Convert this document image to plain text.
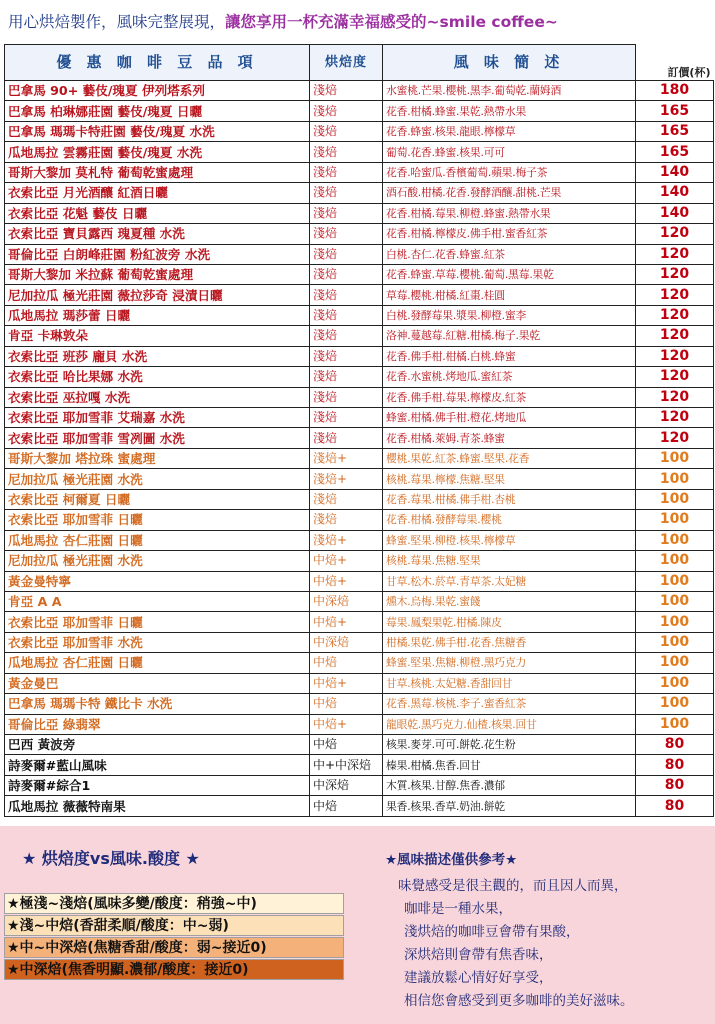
用心烘焙製作，風味完整展現，讓您享用一杯充滿幸福感受的~smile coffee~
優 惠 咖 啡 豆 品 項	烘焙度	風 味 簡 述	訂價(杯)
巴拿馬 90+ 藝伎/瑰夏 伊列塔系列	淺焙	水蜜桃.芒果.櫻桃.黑李.葡萄乾.蘭姆酒	180
巴拿馬 柏琳娜莊園 藝伎/瑰夏 日曬	淺焙	花香.柑橘.蜂蜜.果乾.熱帶水果	165
巴拿馬 瑪瑪卡特莊園 藝伎/瑰夏 水洗	淺焙	花香.蜂蜜.核果.龍眼.檸檬草	165
瓜地馬拉 雲霧莊園 藝伎/瑰夏 水洗	淺焙	葡萄.花香.蜂蜜.核果.可可	165
哥斯大黎加 莫札特 葡萄乾蜜處理	淺焙	花香.哈蜜瓜.香檳葡萄.蘋果.梅子茶	140
衣索比亞 月光酒釀 紅酒日曬	淺焙	酒石酸.柑橘.花香.發酵酒釀.甜桃.芒果	140
衣索比亞 花魁 藝伎 日曬	淺焙	花香.柑橘.莓果.柳橙.蜂蜜.熱帶水果	140
衣索比亞 寶貝露西 瑰夏種 水洗	淺焙	花香.柑橘.檸檬皮.佛手柑.蜜香紅茶	120
哥倫比亞 白朗峰莊園 粉紅波旁 水洗	淺焙	白桃.杏仁.花香.蜂蜜.紅茶	120
哥斯大黎加 米拉蘇 葡萄乾蜜處理	淺焙	花香.蜂蜜.草莓.櫻桃.葡萄.黑莓.果乾	120
尼加拉瓜 極光莊園 薇拉莎奇 浸漬日曬	淺焙	草莓.櫻桃.柑橘.紅棗.桂圓	120
瓜地馬拉 瑪莎蕾 日曬	淺焙	白桃.發酵莓果.漿果.柳橙.蜜李	120
肯亞 卡琳敦朵	淺焙	洛神.蔓越莓.紅糖.柑橘.梅子.果乾	120
衣索比亞 班莎 龐貝 水洗	淺焙	花香.佛手柑.柑橘.白桃.蜂蜜	120
衣索比亞 哈比果娜 水洗	淺焙	花香.水蜜桃.烤地瓜.蜜紅茶	120
衣索比亞 巫拉嘎 水洗	淺焙	花香.佛手柑.莓果.檸檬皮.紅茶	120
衣索比亞 耶加雪菲 艾瑞嘉 水洗	淺焙	蜂蜜.柑橘.佛手柑.橙花.烤地瓜	120
衣索比亞 耶加雪菲 雪冽圖 水洗	淺焙	花香.柑橘.萊姆.青茶.蜂蜜	120
哥斯大黎加 塔拉珠 蜜處理	淺焙+	櫻桃.果乾.紅茶.蜂蜜.堅果.花香	100
尼加拉瓜 極光莊園 水洗	淺焙+	核桃.莓果.檸檬.焦糖.堅果	100
衣索比亞 柯爾夏 日曬	淺焙	花香.莓果.柑橘.佛手柑.杏桃	100
衣索比亞 耶加雪菲 日曬	淺焙	花香.柑橘.發酵莓果.櫻桃	100
瓜地馬拉 杏仁莊園 日曬	淺焙+	蜂蜜.堅果.柳橙.核果.檸檬草	100
尼加拉瓜 極光莊園 水洗	中焙+	核桃.莓果.焦糖.堅果	100
黃金曼特寧	中焙+	甘草.松木.菸草.青草茶.太妃糖	100
肯亞 A A	中深焙	燻木.烏梅.果乾.蜜餞	100
衣索比亞 耶加雪菲 日曬	中焙+	莓果.鳳梨果乾.柑橘.陳皮	100
衣索比亞 耶加雪菲 水洗	中深焙	柑橘.果乾.佛手柑.花香.焦糖香	100
瓜地馬拉 杏仁莊園 日曬	中焙	蜂蜜.堅果.焦糖.柳橙.黑巧克力	100
黃金曼巴	中焙+	甘草.核桃.太妃糖.香甜回甘	100
巴拿馬 瑪瑪卡特 鐵比卡 水洗	中焙	花香.黑莓.核桃.李子.蜜香紅茶	100
哥倫比亞 綠翡翠	中焙+	龍眼乾.黑巧克力.仙楂.核果.回甘	100
巴西 黃波旁	中焙	核果.麥芽.可可.餅乾.花生粉	80
詩麥爾#藍山風味	中+中深焙	榛果.柑橘.焦香.回甘	80
詩麥爾#綜合1	中深焙	木質.核果.甘醇.焦香.濃郁	80
瓜地馬拉 薇薇特南果	中焙	果香.核果.香草.奶油.餅乾	80
★ 烘焙度vs風味.酸度 ★
★極淺~淺焙(風味多變/酸度：稍強~中)
★淺~中焙(香甜柔順/酸度：中~弱)
★中~中深焙(焦糖香甜/酸度：弱~接近0)
★中深焙(焦香明顯.濃郁/酸度：接近0)
★風味描述僅供參考★
味覺感受是很主觀的，而且因人而異，
咖啡是一種水果，
淺烘焙的咖啡豆會帶有果酸，
深烘焙則會帶有焦香味，
建議放鬆心情好好享受，
相信您會感受到更多咖啡的美好滋味。
